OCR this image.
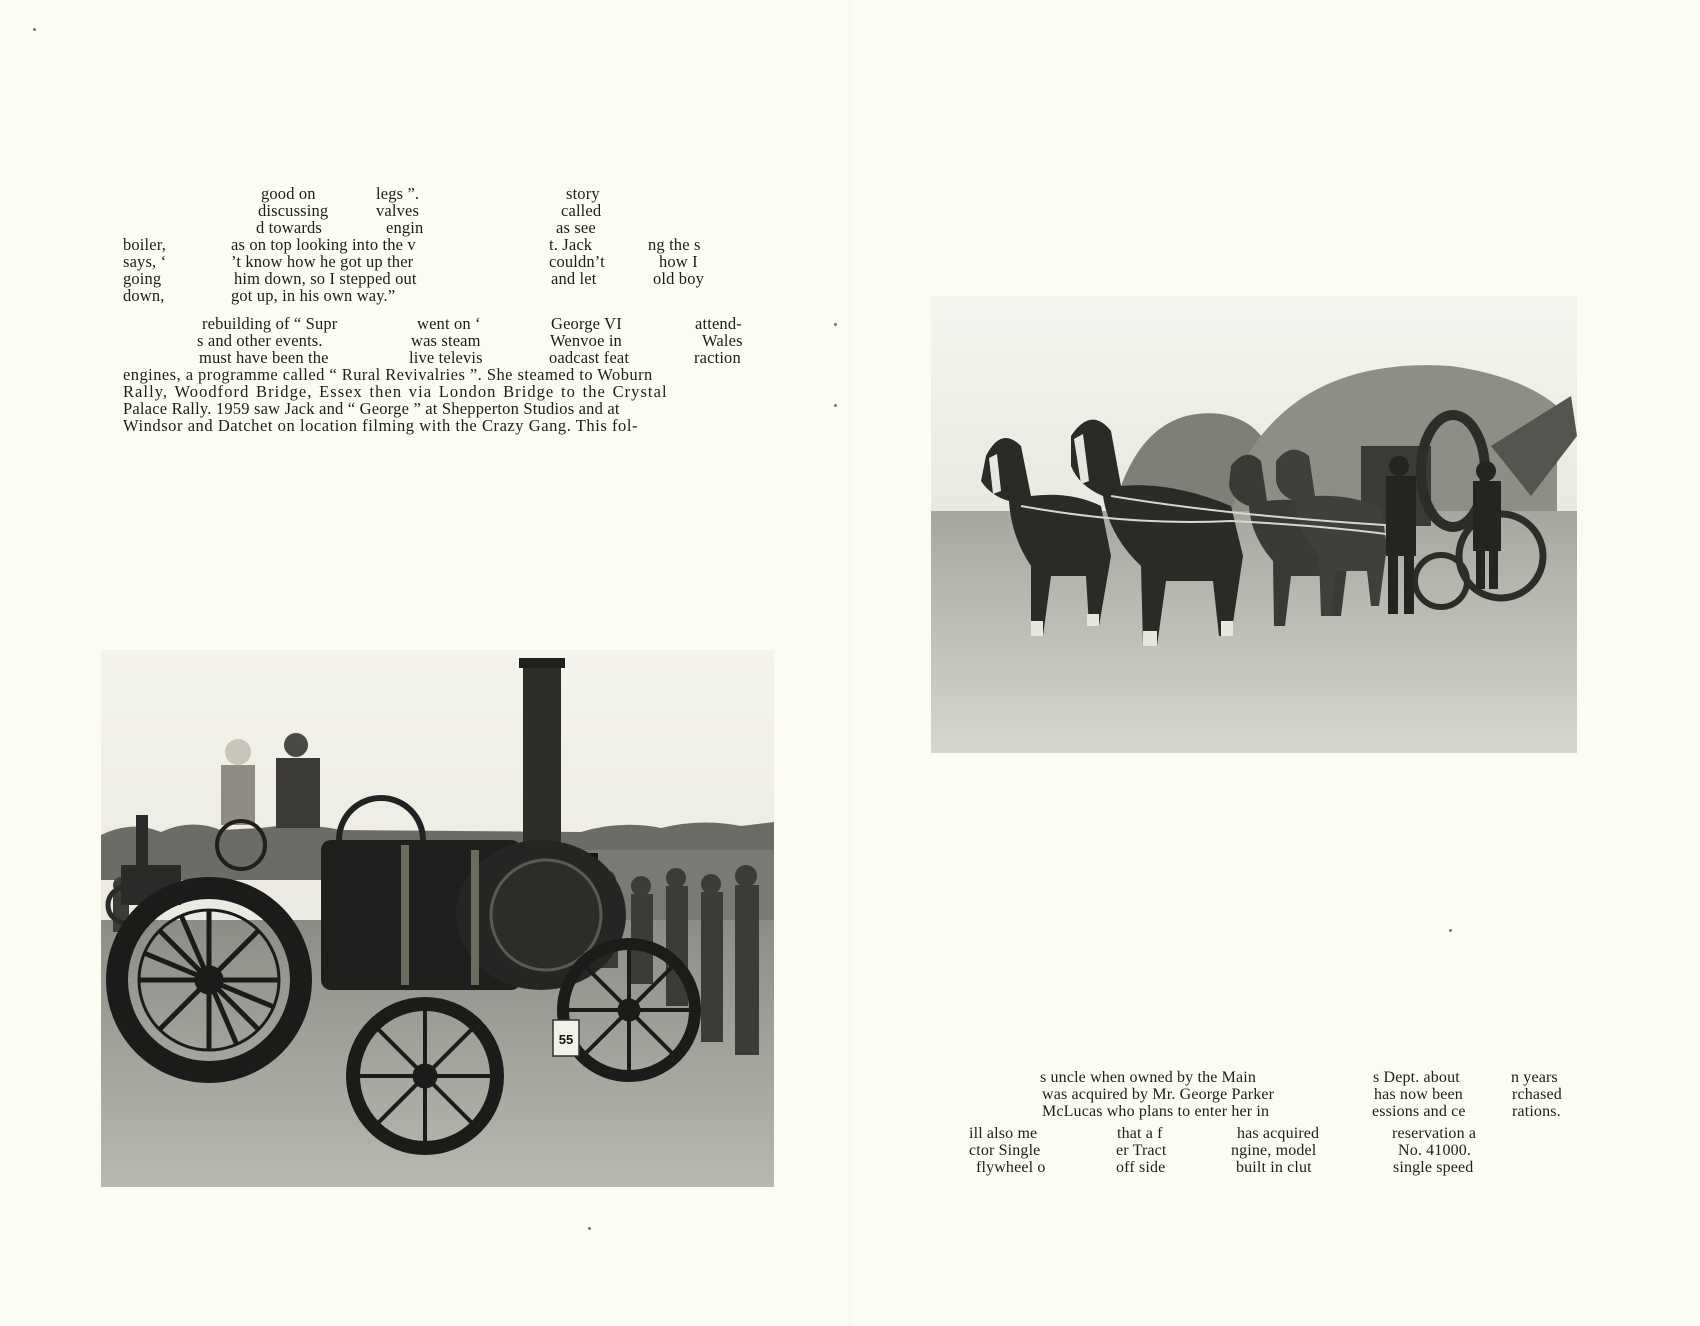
good on	legs ”.	story
discussing	valves	called
d towards	engin	as see
boiler,	as on top looking into the v	t. Jack	ng the s
says, ‘	’t know how he got up ther	couldn’t	how I
going	him down, so I stepped out	and let	old boy
down,	got up, in his own way.”
rebuilding of “ Supr	went on ‘	George VI	attend-
s and other events.	was steam	Wenvoe in	Wales
must have been the	live televis	oadcast feat	raction
engines, a programme called “ Rural Revivalries ”. She steamed to Woburn
Rally, Woodford Bridge, Essex then via London Bridge to the Crystal
Palace Rally. 1959 saw Jack and “ George ” at Shepperton Studios and at
Windsor and Datchet on location filming with the Crazy Gang. This fol-
55
s uncle when owned by the Main	s Dept. about	n years
was acquired by Mr. George Parker	has now been	rchased
McLucas who plans to enter her in	essions and ce	rations.
ill also me	that a f	has acquired	reservation a
ctor Single	er Tract	ngine, model	No. 41000.
flywheel o	off side	built in clut	single speed
